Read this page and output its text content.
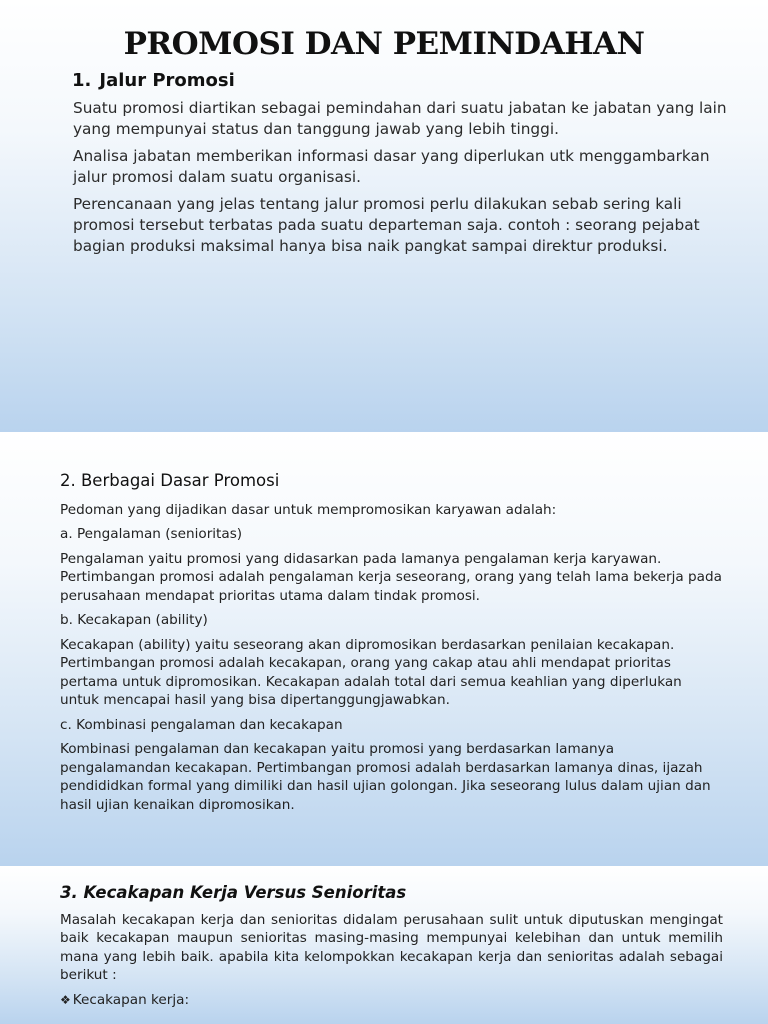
PROMOSI DAN PEMINDAHAN
1. Jalur Promosi

Suatu promosi diartikan sebagai pemindahan dari suatu jabatan ke jabatan yang lain yang mempunyai status dan tanggung jawab yang lebih tinggi.

Analisa jabatan memberikan informasi dasar yang diperlukan utk menggambarkan jalur promosi dalam suatu organisasi.

Perencanaan yang jelas tentang jalur promosi perlu dilakukan sebab sering kali promosi tersebut terbatas pada suatu departeman saja. contoh : seorang pejabat bagian produksi maksimal hanya bisa naik pangkat sampai direktur produksi.

2. Berbagai Dasar Promosi

Pedoman yang dijadikan dasar untuk mempromosikan karyawan adalah:

a. Pengalaman (senioritas)

Pengalaman yaitu promosi yang didasarkan pada lamanya pengalaman kerja karyawan. Pertimbangan promosi adalah pengalaman kerja seseorang, orang yang telah lama bekerja pada perusahaan mendapat prioritas utama dalam tindak promosi.

b. Kecakapan (ability)

Kecakapan (ability) yaitu seseorang akan dipromosikan berdasarkan penilaian kecakapan. Pertimbangan promosi adalah kecakapan, orang yang cakap atau ahli mendapat prioritas pertama untuk dipromosikan. Kecakapan adalah total dari semua keahlian yang diperlukan untuk mencapai hasil yang bisa dipertanggungjawabkan.

c. Kombinasi pengalaman dan kecakapan

Kombinasi pengalaman dan kecakapan yaitu promosi yang berdasarkan lamanya pengalamandan kecakapan. Pertimbangan promosi adalah berdasarkan lamanya dinas, ijazah pendididkan formal yang dimiliki dan hasil ujian golongan. Jika seseorang lulus dalam ujian dan hasil ujian kenaikan dipromosikan.

3. Kecakapan Kerja Versus Senioritas

Masalah kecakapan kerja dan senioritas didalam perusahaan sulit untuk diputuskan mengingat baik kecakapan maupun senioritas masing-masing mempunyai kelebihan dan untuk memilih mana yang lebih baik. apabila kita kelompokkan kecakapan kerja dan senioritas adalah sebagai berikut :

❖ Kecakapan kerja:
